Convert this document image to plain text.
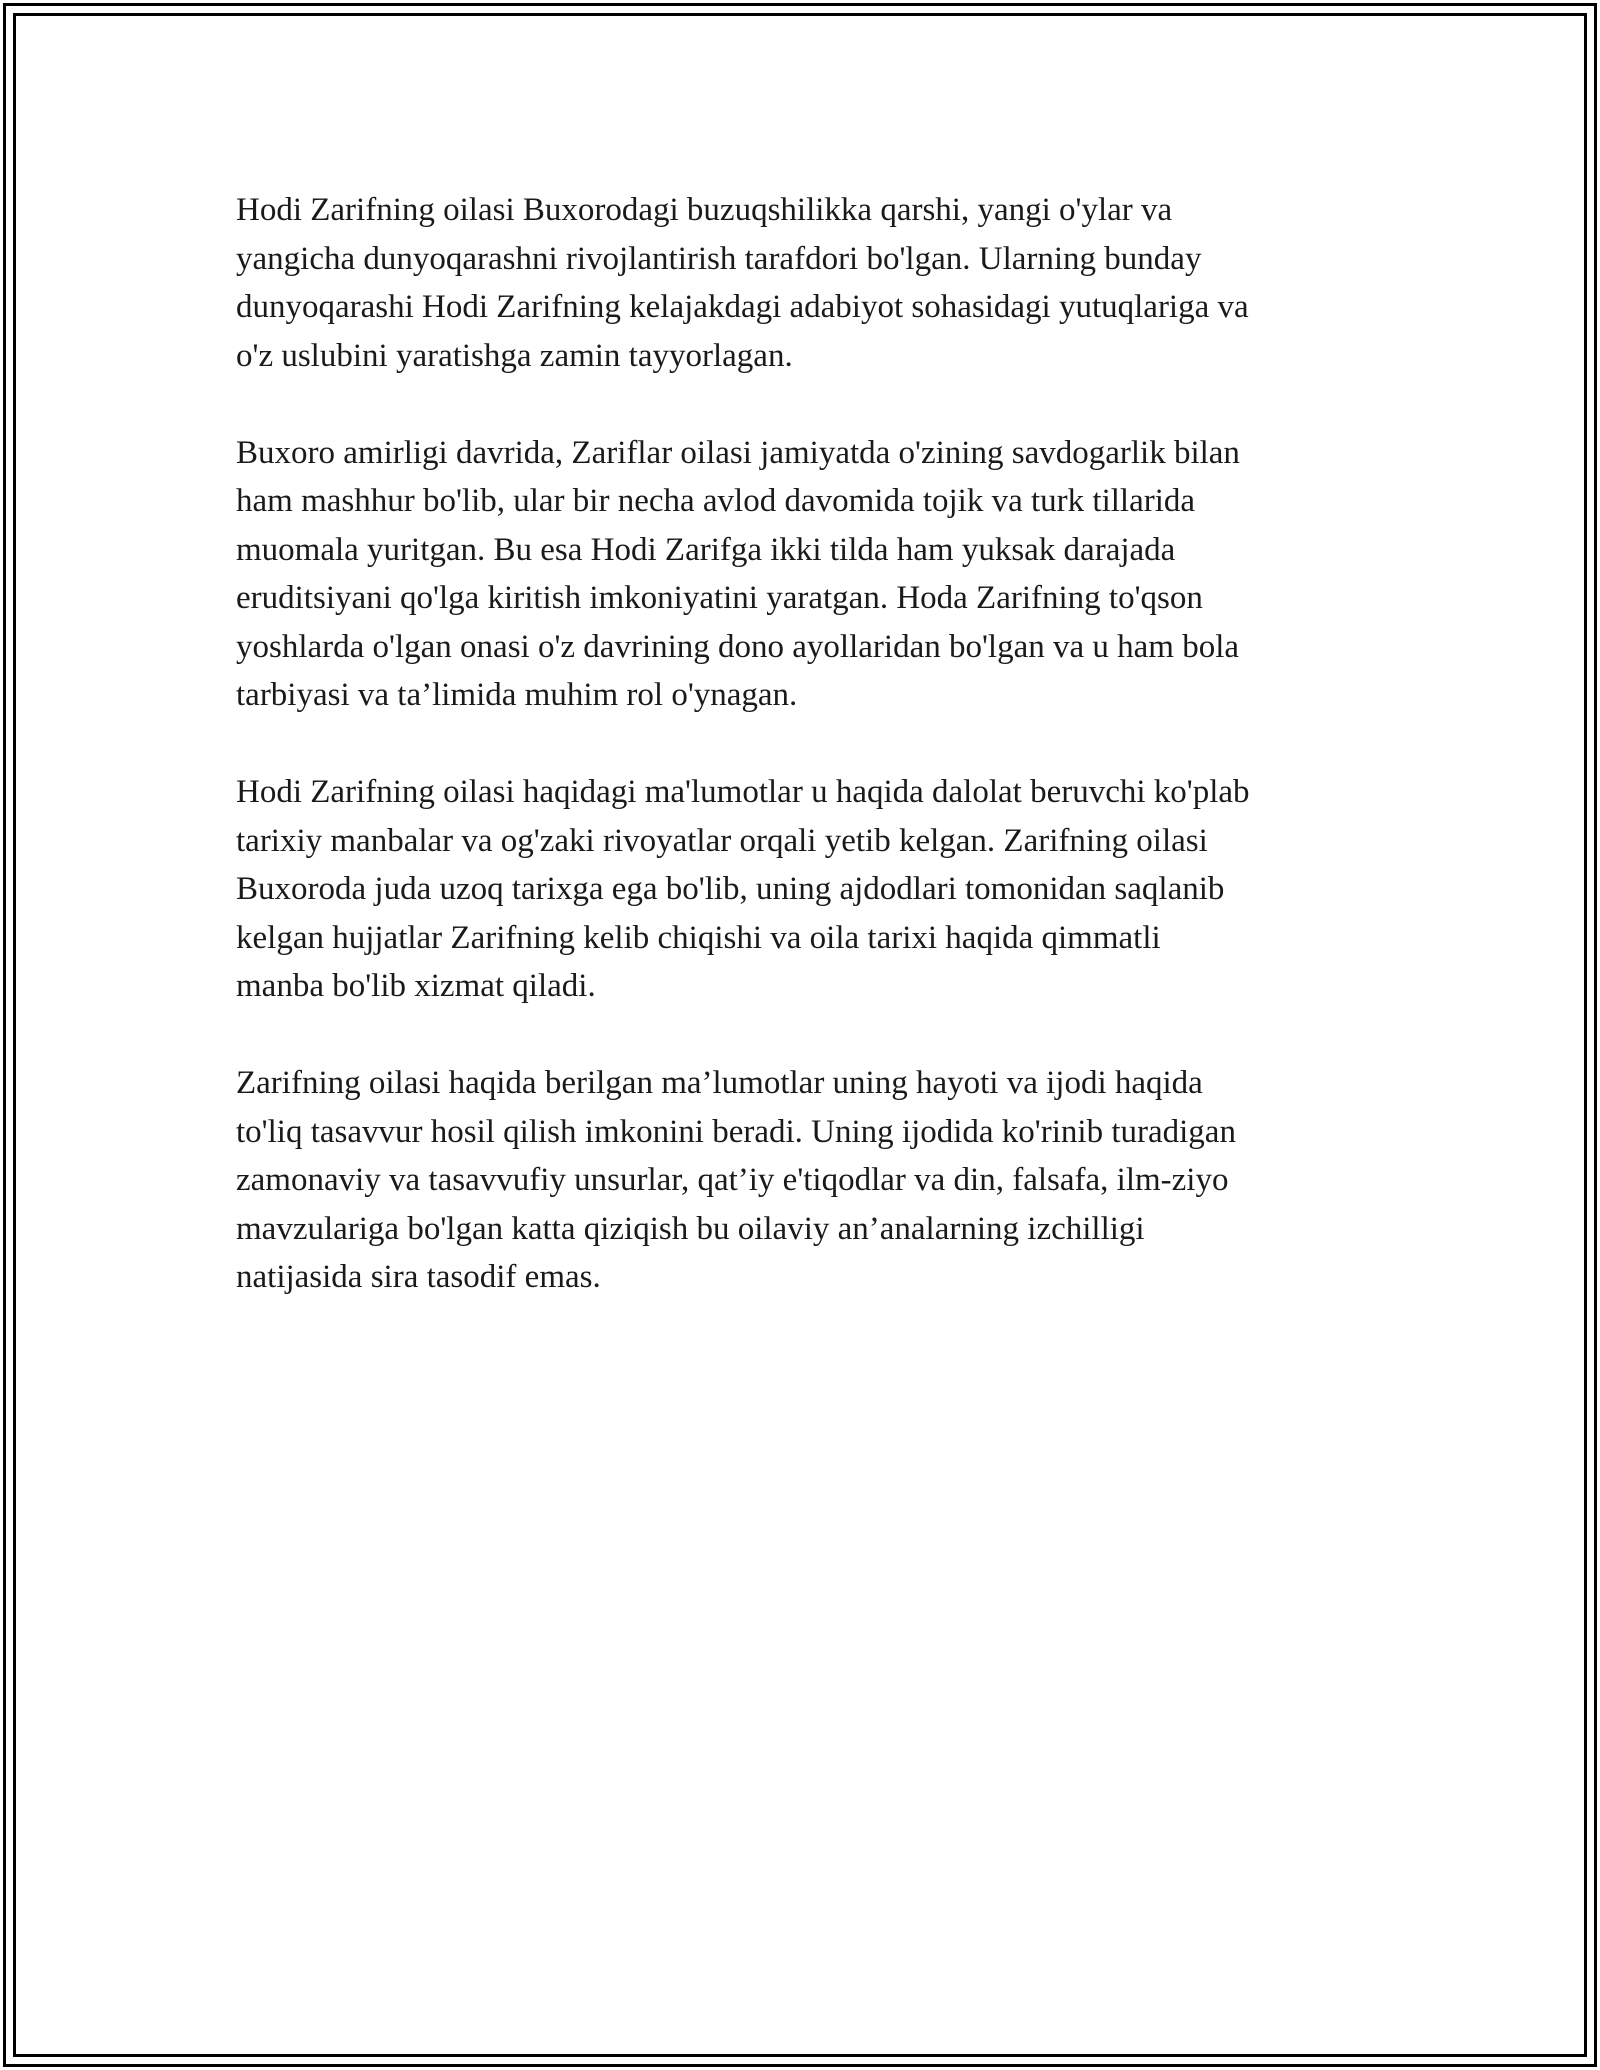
Hodi Zarifning oilasi Buxorodagi buzuqshilikka qarshi, yangi o'ylar va
yangicha dunyoqarashni rivojlantirish tarafdori bo'lgan. Ularning bunday
dunyoqarashi Hodi Zarifning kelajakdagi adabiyot sohasidagi yutuqlariga va
o'z uslubini yaratishga zamin tayyorlagan.

Buxoro amirligi davrida, Zariflar oilasi jamiyatda o'zining savdogarlik bilan
ham mashhur bo'lib, ular bir necha avlod davomida tojik va turk tillarida
muomala yuritgan. Bu esa Hodi Zarifga ikki tilda ham yuksak darajada
eruditsiyani qo'lga kiritish imkoniyatini yaratgan. Hoda Zarifning to'qson
yoshlarda o'lgan onasi o'z davrining dono ayollaridan bo'lgan va u ham bola
tarbiyasi va ta’limida muhim rol o'ynagan.

Hodi Zarifning oilasi haqidagi ma'lumotlar u haqida dalolat beruvchi ko'plab
tarixiy manbalar va og'zaki rivoyatlar orqali yetib kelgan. Zarifning oilasi
Buxoroda juda uzoq tarixga ega bo'lib, uning ajdodlari tomonidan saqlanib
kelgan hujjatlar Zarifning kelib chiqishi va oila tarixi haqida qimmatli
manba bo'lib xizmat qiladi.

Zarifning oilasi haqida berilgan ma’lumotlar uning hayoti va ijodi haqida
to'liq tasavvur hosil qilish imkonini beradi. Uning ijodida ko'rinib turadigan
zamonaviy va tasavvufiy unsurlar, qat’iy e'tiqodlar va din, falsafa, ilm-ziyo
mavzulariga bo'lgan katta qiziqish bu oilaviy an’analarning izchilligi
natijasida sira tasodif emas.
